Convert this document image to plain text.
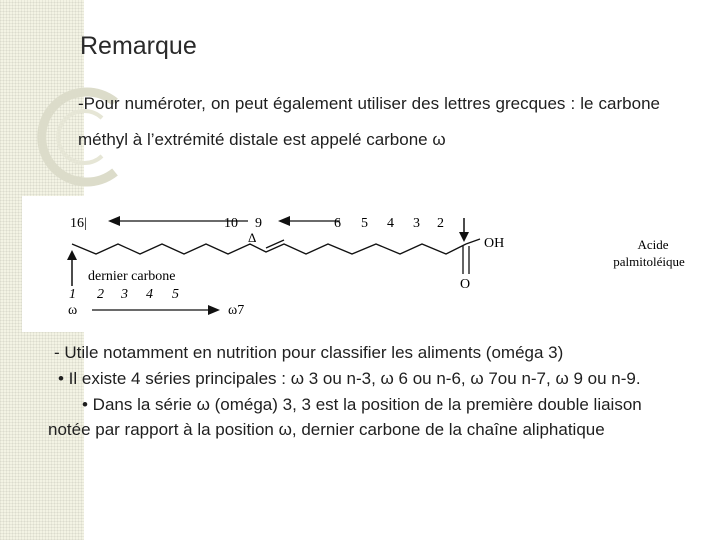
Remarque
-Pour numéroter, on peut également utiliser des lettres grecques : le carbone méthyl à l’extrémité distale est appelé carbone ω
16|	10 9	6 5 4 3 2
Δ	OH
O
dernier carbone
1 2 3 4 5
ω	ω7
Acide
palmitoléique

- Utile notamment en nutrition pour classifier les aliments (oméga 3)

• Il existe 4 séries principales : ω 3 ou n-3, ω 6 ou n-6, ω 7ou n-7, ω 9 ou n-9.

• Dans la série ω (oméga) 3, 3 est la position de la première double liaison notée par rapport à la position ω, dernier carbone de la chaîne aliphatique
